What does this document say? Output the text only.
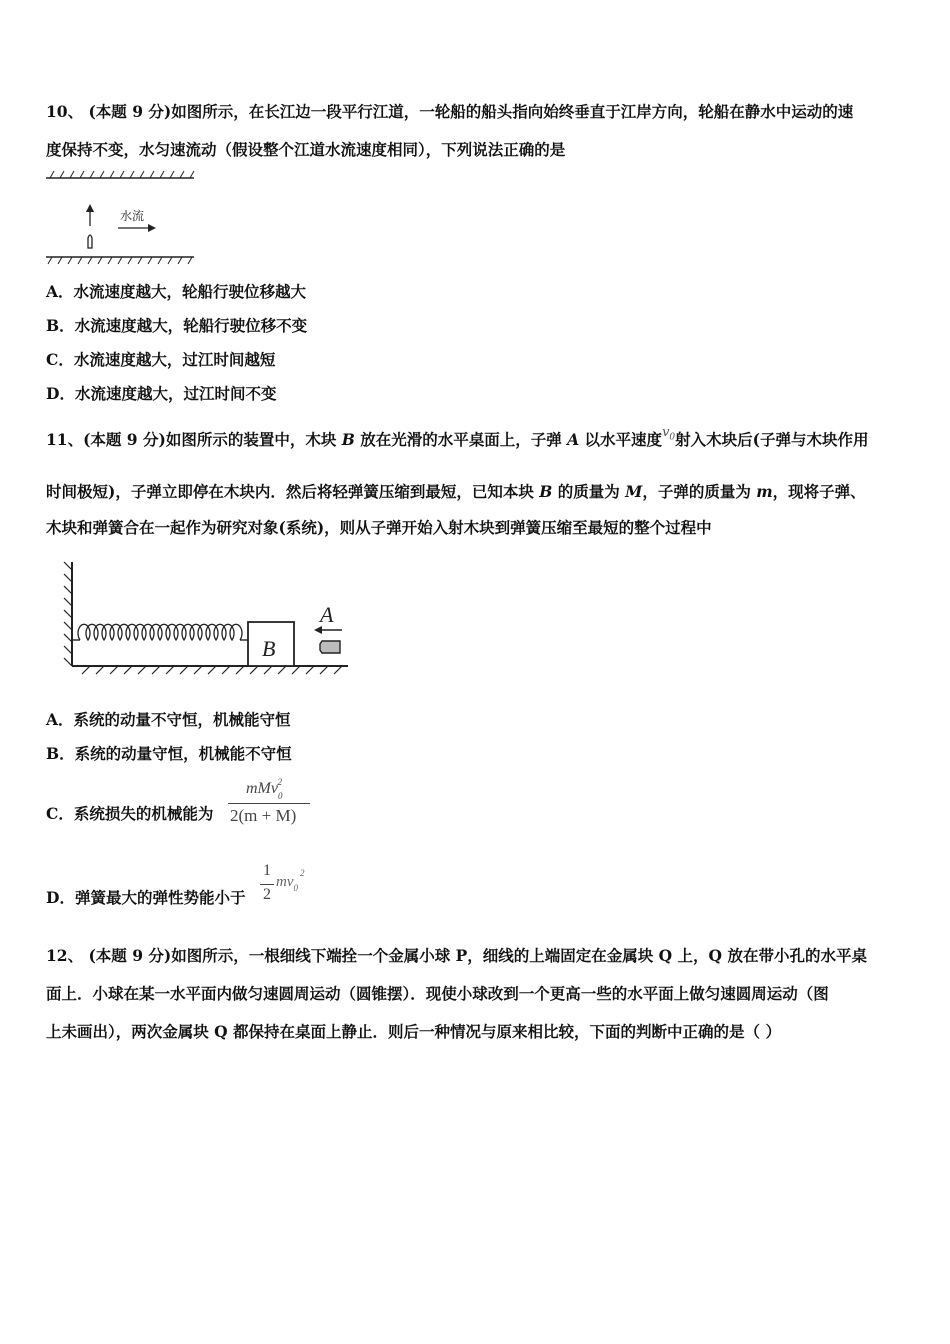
10、 (本题 9 分)如图所示，在长江边一段平行江道，一轮船的船头指向始终垂直于江岸方向，轮船在静水中运动的速
度保持不变，水匀速流动（假设整个江道水流速度相同），下列说法正确的是
水流
A．水流速度越大，轮船行驶位移越大
B．水流速度越大，轮船行驶位移不变
C．水流速度越大，过江时间越短
D．水流速度越大，过江时间不变
11、(本题 9 分)如图所示的装置中，木块 B 放在光滑的水平桌面上，子弹 A 以水平速度$^{v_0}$射入木块后(子弹与木块作用
时间极短)，子弹立即停在木块内．然后将轻弹簧压缩到最短，已知本块 B 的质量为 M，子弹的质量为 m，现将子弹、
木块和弹簧合在一起作为研究对象(系统)，则从子弹开始入射木块到弹簧压缩至最短的整个过程中
B
A
A．系统的动量不守恒，机械能守恒
B．系统的动量守恒，机械能不守恒
C．系统损失的机械能为
mMv$_0^2$
2(m + M)
D．弹簧最大的弹性势能小于
1
2
$mv_0^2$
12、 (本题 9 分)如图所示，一根细线下端拴一个金属小球 P，细线的上端固定在金属块 Q 上，Q 放在带小孔的水平桌
面上．小球在某一水平面内做匀速圆周运动（圆锥摆）．现使小球改到一个更高一些的水平面上做匀速圆周运动（图
上未画出），两次金属块 Q 都保持在桌面上静止．则后一种情况与原来相比较，下面的判断中正确的是（ ）
